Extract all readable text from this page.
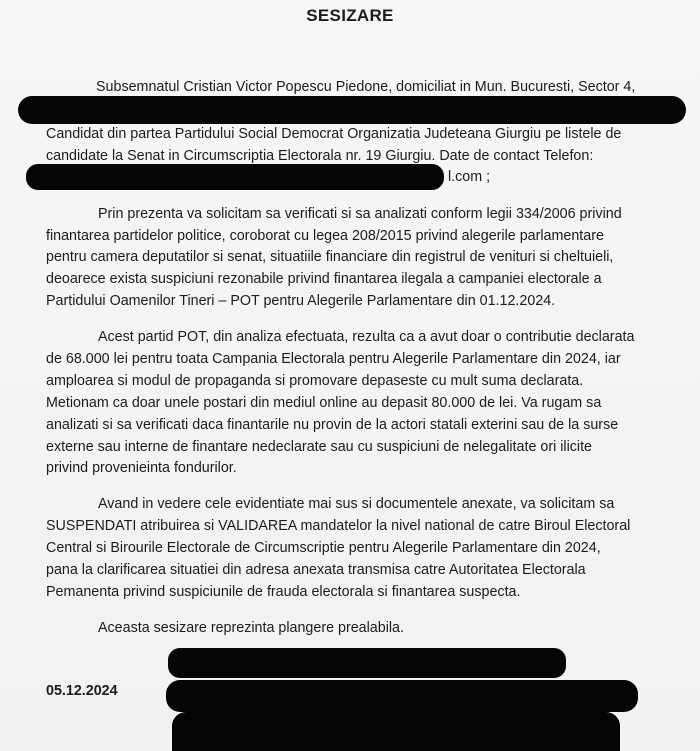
SESIZARE
Subsemnatul Cristian Victor Popescu Piedone, domiciliat in Mun. Bucuresti, Sector 4,
Candidat din partea Partidului Social Democrat Organizatia Judeteana Giurgiu pe listele de
candidate la Senat in Circumscriptia Electorala nr. 19 Giurgiu. Date de contact Telefon:
l.com ;
Prin prezenta va solicitam sa verificati si sa analizati conform legii 334/2006 privind
finantarea partidelor politice, coroborat cu legea 208/2015 privind alegerile parlamentare
pentru camera deputatilor si senat, situatiile financiare din registrul de venituri si cheltuieli,
deoarece exista suspiciuni rezonabile privind finantarea ilegala a campaniei electorale a
Partidului Oamenilor Tineri – POT pentru Alegerile Parlamentare din 01.12.2024.
Acest partid POT, din analiza efectuata, rezulta ca a avut doar o contributie declarata
de 68.000 lei pentru toata Campania Electorala pentru Alegerile Parlamentare din 2024, iar
amploarea si modul de propaganda si promovare depaseste cu mult suma declarata.
Metionam ca doar unele postari din mediul online au depasit 80.000 de lei. Va rugam sa
analizati si sa verificati daca finantarile nu provin de la actori statali exterini sau de la surse
externe sau interne de finantare nedeclarate sau cu suspiciuni de nelegalitate ori ilicite
privind provenieinta fondurilor.
Avand in vedere cele evidentiate mai sus si documentele anexate, va solicitam sa
SUSPENDATI atribuirea si VALIDAREA mandatelor la nivel national de catre Biroul Electoral
Central si Birourile Electorale de Circumscriptie pentru Alegerile Parlamentare din 2024,
pana la clarificarea situatiei din adresa anexata transmisa catre Autoritatea Electorala
Pemanenta privind suspiciunile de frauda electorala si finantarea suspecta.
Aceasta sesizare reprezinta plangere prealabila.
05.12.2024
